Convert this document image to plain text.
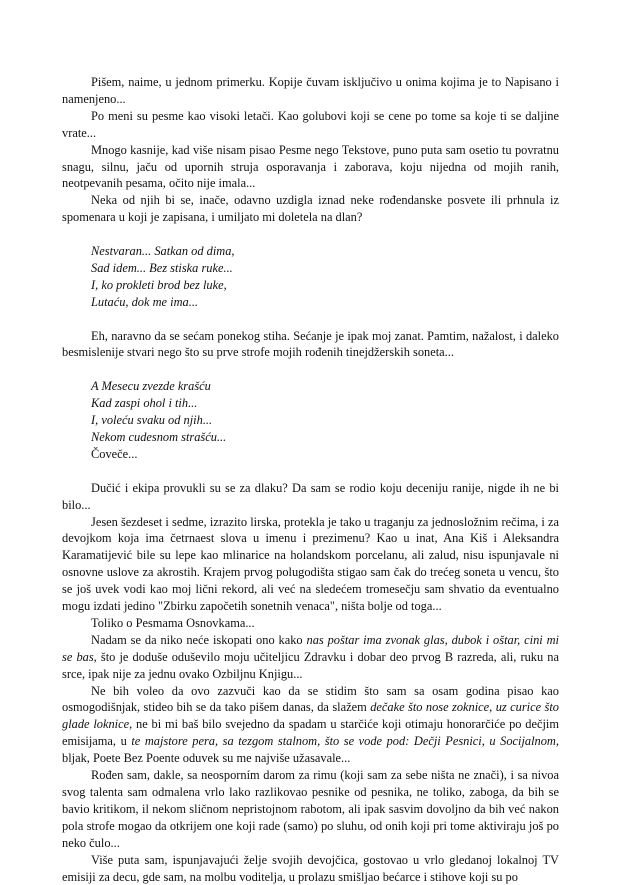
Pišem, naime, u jednom primerku. Kopije čuvam isključivo u onima kojima je to Napisano i namenjeno...

Po meni su pesme kao visoki letači. Kao golubovi koji se cene po tome sa koje ti se daljine vrate...

Mnogo kasnije, kad više nisam pisao Pesme nego Tekstove, puno puta sam osetio tu povratnu snagu, silnu, jaču od upornih struja osporavanja i zaborava, koju nijedna od mojih ranih, neotpevanih pesama, očito nije imala...

Neka od njih bi se, inače, odavno uzdigla iznad neke rođendanske posvete ili prhnula iz spomenara u koji je zapisana, i umiljato mi doletela na dlan?

Nestvaran... Satkan od dima,
Sad idem... Bez stiska ruke...
I, ko prokleti brod bez luke,
Lutaću, dok me ima...

Eh, naravno da se sećam ponekog stiha. Sećanje je ipak moj zanat. Pamtim, nažalost, i daleko besmislenije stvari nego što su prve strofe mojih rođenih tinejdžerskih soneta...

A Mesecu zvezde krašću
Kad zaspi ohol i tih...
I, voleću svaku od njih...
Nekom cudesnom strašću...
Čoveče...

Dučić i ekipa provukli su se za dlaku? Da sam se rodio koju deceniju ranije, nigde ih ne bi bilo...

Jesen šezdeset i sedme, izrazito lirska, protekla je tako u traganju za jednosložnim rečima, i za devojkom koja ima četrnaest slova u imenu i prezimenu? Kao u inat, Ana Kiš i Aleksandra Karamatijević bile su lepe kao mlinarice na holandskom porcelanu, ali zalud, nisu ispunjavale ni osnovne uslove za akrostih. Krajem prvog polugodišta stigao sam čak do trećeg soneta u vencu, što se još uvek vodi kao moj lični rekord, ali već na sledećem tromesečju sam shvatio da eventualno mogu izdati jedino "Zbirku započetih sonetnih venaca", ništa bolje od toga...

Toliko o Pesmama Osnovkama...

Nadam se da niko neće iskopati ono kako nas poštar ima zvonak glas, dubok i oštar, cini mi se bas, što je doduše oduševilo moju učiteljicu Zdravku i dobar deo prvog B razreda, ali, ruku na srce, ipak nije za jednu ovako Ozbiljnu Knjigu...

Ne bih voleo da ovo zazvuči kao da se stidim što sam sa osam godina pisao kao osmogodišnjak, stideo bih se da tako pišem danas, da slažem dečake što nose zoknice, uz curice što glade loknice, ne bi mi baš bilo svejedno da spadam u starčiće koji otimaju honorarčiće po dečjim emisijama, u te majstore pera, sa tezgom stalnom, što se vode pod: Dečji Pesnici, u Socijalnom, bljak, Poete Bez Poente oduvek su me najviše užasavale...

Rođen sam, dakle, sa neosporním darom za rimu (koji sam za sebe ništa ne znači), i sa nivoa svog talenta sam odmalena vrlo lako razlikovao pesnike od pesnika, ne toliko, zaboga, da bih se bavio kritikom, il nekom sličnom nepristojnom rabotom, ali ipak sasvim dovoljno da bih već nakon pola strofe mogao da otkrijem one koji rade (samo) po sluhu, od onih koji pri tome aktiviraju još po neko čulo...

Više puta sam, ispunjavajući želje svojih devojčica, gostovao u vrlo gledanoj lokalnoj TV emisiji za decu, gde sam, na molbu voditelja, u prolazu smišljao bećarce i stihove koji su po
